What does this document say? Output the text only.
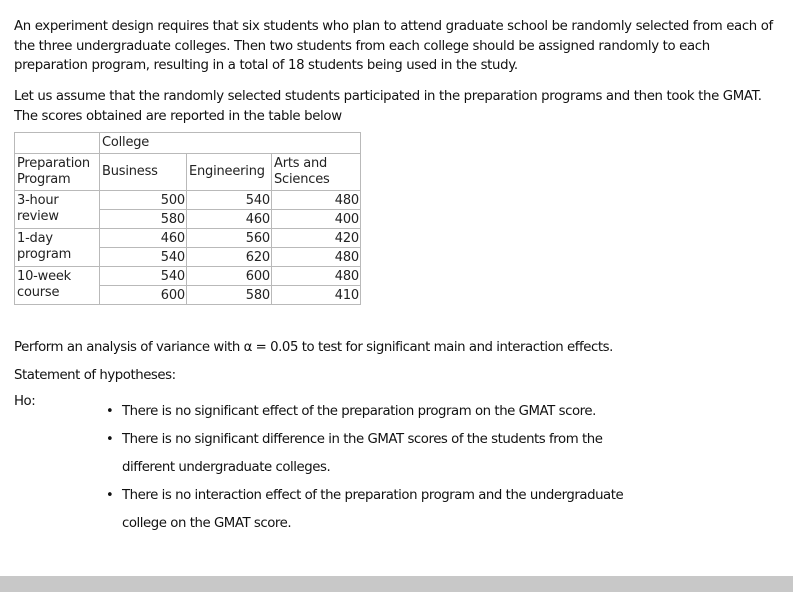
An experiment design requires that six students who plan to attend graduate school be randomly selected from each of the three undergraduate colleges. Then two students from each college should be assigned randomly to each preparation program, resulting in a total of 18 students being used in the study.
Let us assume that the randomly selected students participated in the preparation programs and then took the GMAT. The scores obtained are reported in the table below
	College		
Preparation Program	Business	Engineering	Arts and Sciences
3-hour review	500	540	480
	580	460	400
1-day program	460	560	420
	540	620	480
10-week course	540	600	480
	600	580	410
Perform an analysis of variance with α = 0.05 to test for significant main and interaction effects.
Statement of hypotheses:
Ho:
• There is no significant effect of the preparation program on the GMAT score.
• There is no significant difference in the GMAT scores of the students from the different undergraduate colleges.
• There is no interaction effect of the preparation program and the undergraduate college on the GMAT score.
